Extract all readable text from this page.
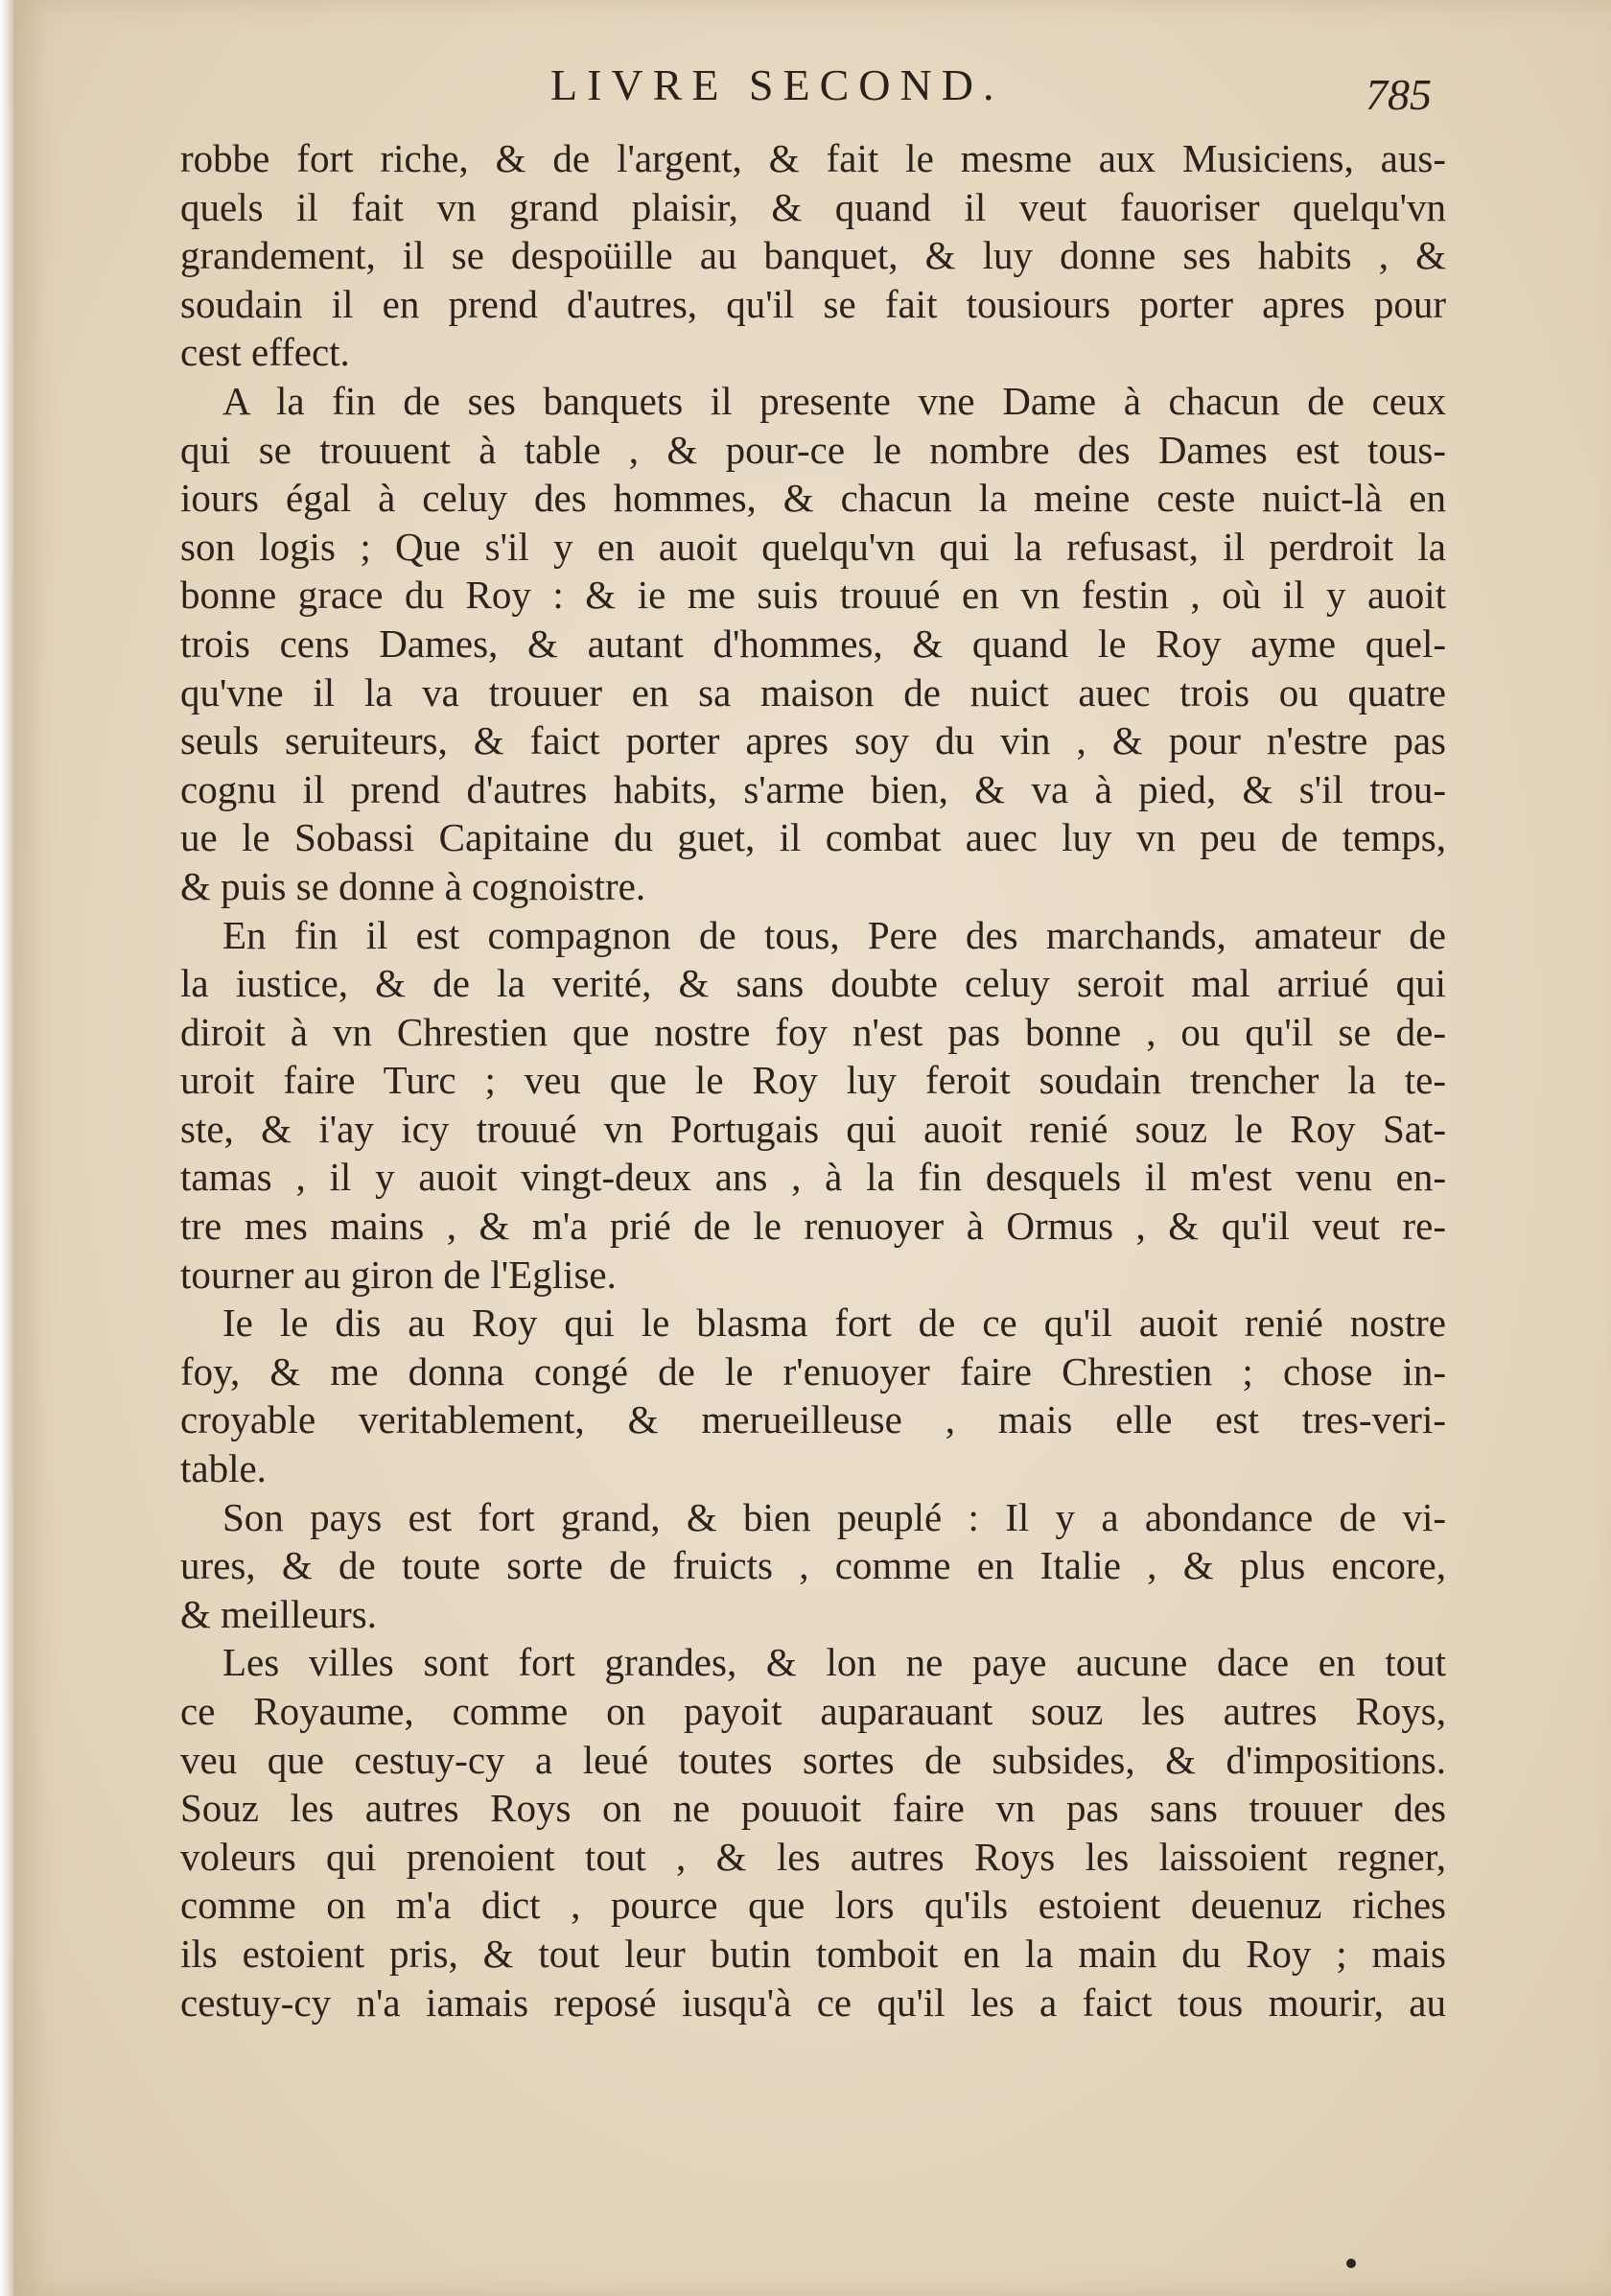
LIVRE SECOND.	785
robbe fort riche, & de l'argent, & fait le mesme aux Musiciens, aus-
quels il fait vn grand plaisir, & quand il veut fauoriser quelqu'vn
grandement, il se despoüille au banquet, & luy donne ses habits , &
soudain il en prend d'autres, qu'il se fait tousiours porter apres pour
cest effect.
A la fin de ses banquets il presente vne Dame à chacun de ceux
qui se trouuent à table , & pour-ce le nombre des Dames est tous-
iours égal à celuy des hommes, & chacun la meine ceste nuict-là en
son logis ; Que s'il y en auoit quelqu'vn qui la refusast, il perdroit la
bonne grace du Roy : & ie me suis trouué en vn festin , où il y auoit
trois cens Dames, & autant d'hommes, & quand le Roy ayme quel-
qu'vne il la va trouuer en sa maison de nuict auec trois ou quatre
seuls seruiteurs, & faict porter apres soy du vin , & pour n'estre pas
cognu il prend d'autres habits, s'arme bien, & va à pied, & s'il trou-
ue le Sobassi Capitaine du guet, il combat auec luy vn peu de temps,
& puis se donne à cognoistre.
En fin il est compagnon de tous, Pere des marchands, amateur de
la iustice, & de la verité, & sans doubte celuy seroit mal arriué qui
diroit à vn Chrestien que nostre foy n'est pas bonne , ou qu'il se de-
uroit faire Turc ; veu que le Roy luy feroit soudain trencher la te-
ste, & i'ay icy trouué vn Portugais qui auoit renié souz le Roy Sat-
tamas , il y auoit vingt-deux ans , à la fin desquels il m'est venu en-
tre mes mains , & m'a prié de le renuoyer à Ormus , & qu'il veut re-
tourner au giron de l'Eglise.
Ie le dis au Roy qui le blasma fort de ce qu'il auoit renié nostre
foy, & me donna congé de le r'enuoyer faire Chrestien ; chose in-
croyable veritablement, & merueilleuse , mais elle est tres-veri-
table.
Son pays est fort grand, & bien peuplé : Il y a abondance de vi-
ures, & de toute sorte de fruicts , comme en Italie , & plus encore,
& meilleurs.
Les villes sont fort grandes, & lon ne paye aucune dace en tout
ce Royaume, comme on payoit auparauant souz les autres Roys,
veu que cestuy-cy a leué toutes sortes de subsides, & d'impositions.
Souz les autres Roys on ne pouuoit faire vn pas sans trouuer des
voleurs qui prenoient tout , & les autres Roys les laissoient regner,
comme on m'a dict , pource que lors qu'ils estoient deuenuz riches
ils estoient pris, & tout leur butin tomboit en la main du Roy ; mais
cestuy-cy n'a iamais reposé iusqu'à ce qu'il les a faict tous mourir, au
